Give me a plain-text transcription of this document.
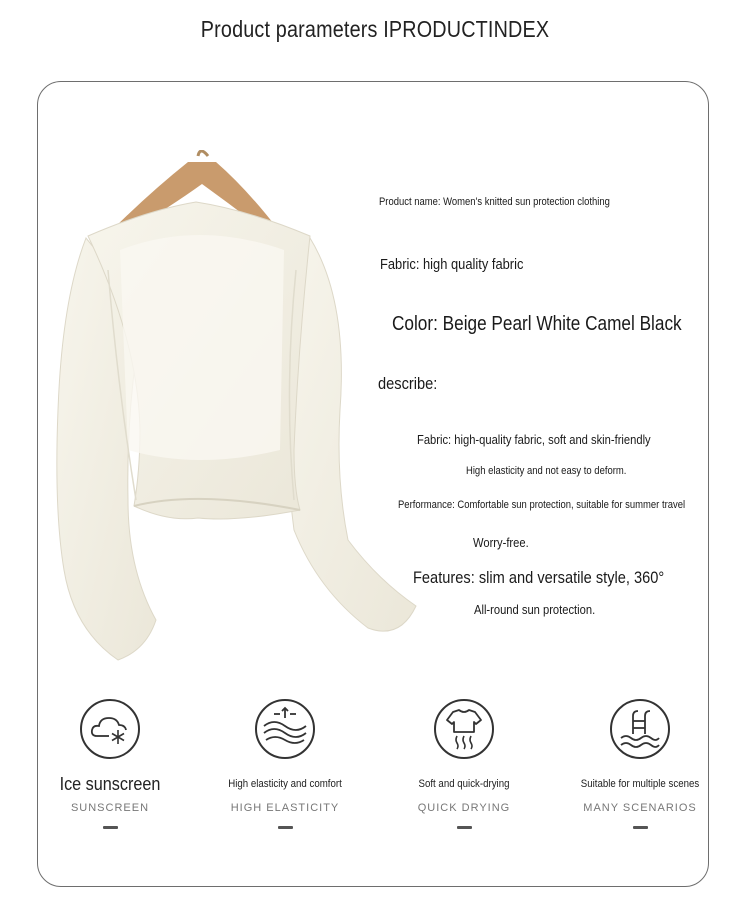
Product parameters IPRODUCTINDEX
Product name: Women's knitted sun protection clothing
Fabric: high quality fabric
Color: Beige Pearl White Camel Black
describe:
Fabric: high-quality fabric, soft and skin-friendly
High elasticity and not easy to deform.
Performance: Comfortable sun protection, suitable for summer travel
Worry-free.
Features: slim and versatile style, 360°
All-round sun protection.
Ice sunscreen
SUNSCREEN
High elasticity and comfort
HIGH ELASTICITY
Soft and quick-drying
QUICK DRYING
Suitable for multiple scenes
MANY SCENARIOS
